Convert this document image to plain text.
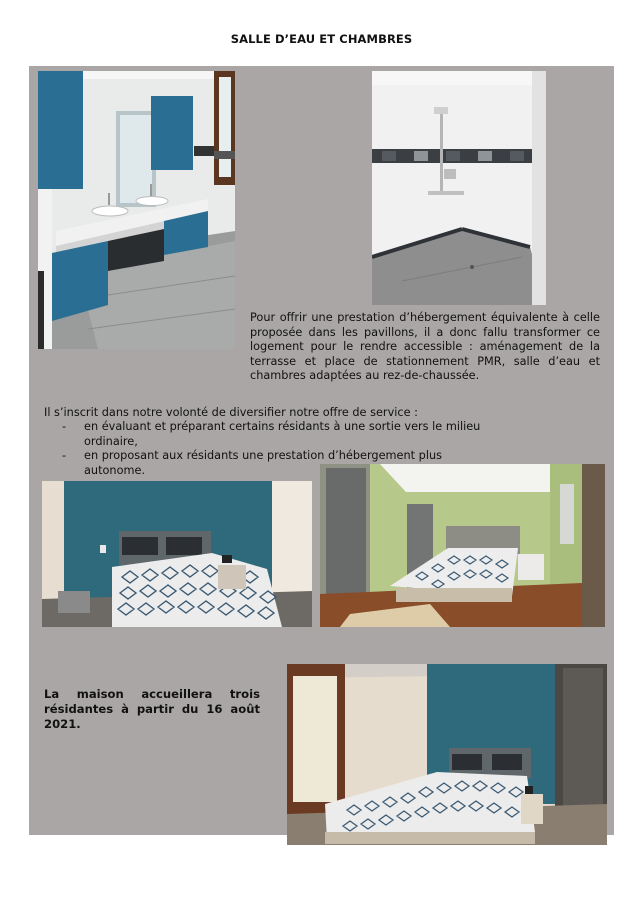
SALLE D’EAU ET CHAMBRES
Pour offrir une prestation d’hébergement équivalente à celle proposée dans les pavillons, il a donc fallu transformer ce logement pour le rendre accessible : aménagement de la terrasse et place de stationnement PMR, salle d’eau et chambres adaptées au rez-de-chaussée.
Il s’inscrit dans notre volonté de diversifier notre offre de service :
- en évaluant et préparant certains résidants à une sortie vers le milieu ordinaire,
- en proposant aux résidants une prestation d’hébergement plus autonome.
La maison accueillera trois résidantes à partir du 16 août 2021.
